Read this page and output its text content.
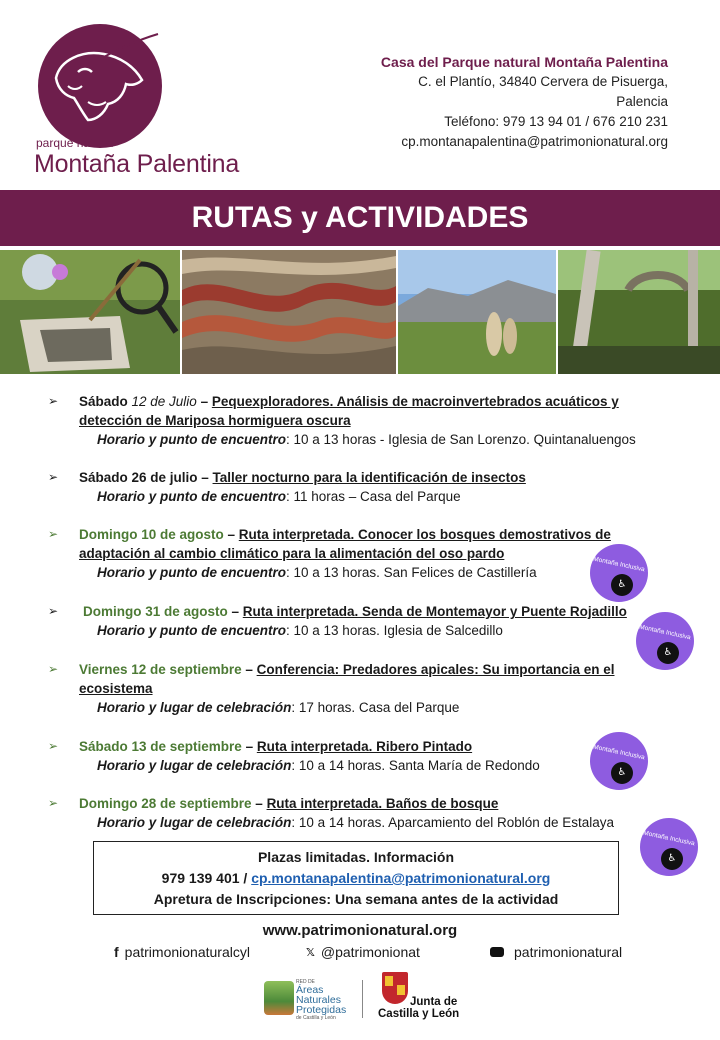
parque natural
Montaña Palentina
Casa del Parque natural Montaña Palentina
C. el Plantío, 34840 Cervera de Pisuerga,
Palencia
Teléfono: 979 13 94 01 / 676 210 231
cp.montanapalentina@patrimonionatural.org
RUTAS y ACTIVIDADES
➢	Sábado 12 de Julio – Pequexploradores. Análisis de macroinvertebrados acuáticos y
detección de Mariposa hormiguera oscura
Horario y punto de encuentro: 10 a 13 horas - Iglesia de San Lorenzo. Quintanaluengos
➢	Sábado 26 de julio – Taller nocturno para la identificación de insectos
Horario y punto de encuentro: 11 horas – Casa del Parque
➢	Domingo 10 de agosto – Ruta interpretada. Conocer los bosques demostrativos de
adaptación al cambio climático para la alimentación del oso pardo
Horario y punto de encuentro: 10 a 13 horas. San Felices de Castillería
➢	Domingo 31 de agosto – Ruta interpretada. Senda de Montemayor y Puente Rojadillo
Horario y punto de encuentro: 10 a 13 horas. Iglesia de Salcedillo
➢	Viernes 12 de septiembre – Conferencia: Predadores apicales: Su importancia en el
ecosistema
Horario y lugar de celebración: 17 horas. Casa del Parque
➢	Sábado 13 de septiembre – Ruta interpretada. Ribero Pintado
Horario y lugar de celebración: 10 a 14 horas. Santa María de Redondo
➢	Domingo 28 de septiembre – Ruta interpretada. Baños de bosque
Horario y lugar de celebración: 10 a 14 horas. Aparcamiento del Roblón de Estalaya
Montaña Inclusiva
♿
Montaña Inclusiva
♿
Montaña Inclusiva
♿
Montaña Inclusiva
♿
Plazas limitadas. Información
979 139 401 / cp.montanapalentina@patrimonionatural.org
Apretura de Inscripciones: Una semana antes de la actividad
www.patrimonionatural.org
f patrimonionaturalcyl	𝕏 @patrimonionat	patrimonionatural
RED DE
Áreas Naturales Protegidas
de Castilla y León
Junta de
Castilla y León
